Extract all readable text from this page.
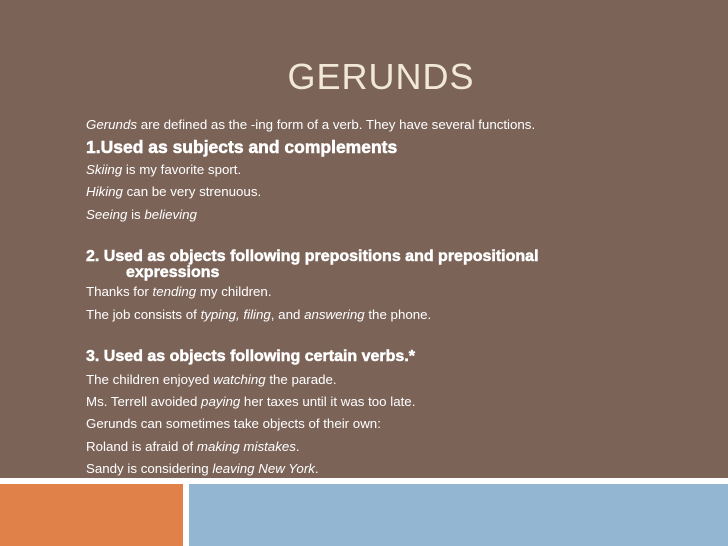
GERUNDS
Gerunds are defined as the -ing form of a verb. They have several functions.
1.Used as subjects and complements
Skiing is my favorite sport.
Hiking can be very strenuous.
Seeing is believing
2. Used as objects following prepositions and prepositional
expressions
Thanks for tending my children.
The job consists of typing, filing, and answering the phone.
3. Used as objects following certain verbs.*
The children enjoyed watching the parade.
Ms. Terrell avoided paying her taxes until it was too late.
Gerunds can sometimes take objects of their own:
Roland is afraid of making mistakes.
Sandy is considering leaving New York.
